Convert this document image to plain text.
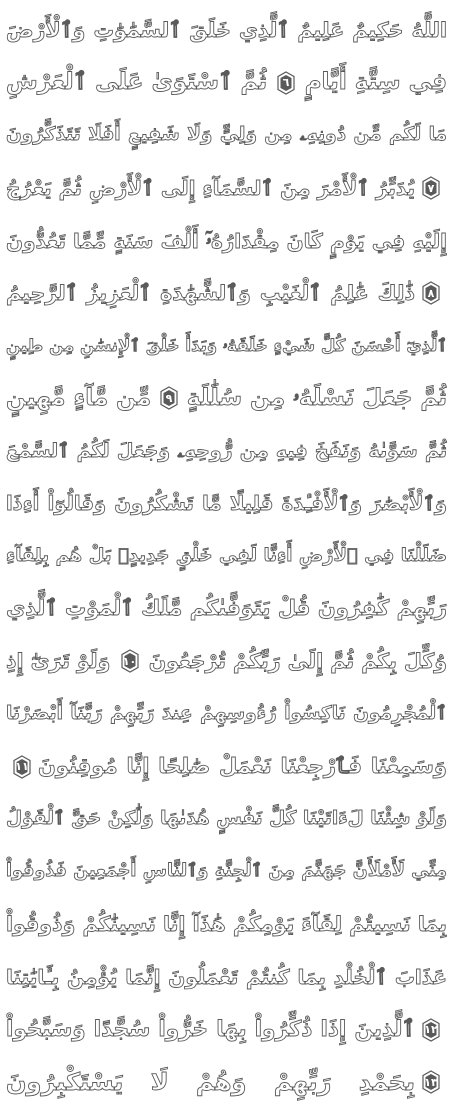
اللَّهُ حَكِيمٌ عَلِيمٌ ٱلَّذِي خَلَقَ ٱلسَّمَٰوَٰتِ وَٱلْأَرْضَ
فِي سِتَّةِ أَيَّامٍ
٦
ثُمَّ ٱسْتَوَىٰ عَلَى ٱلْعَرْشِ
مَا لَكُم مِّن دُونِهِۦ مِن وَلِيٍّ وَلَا شَفِيعٍ أَفَلَا تَتَذَكَّرُونَ
٧
يُدَبِّرُ ٱلْأَمْرَ مِنَ ٱلسَّمَآءِ إِلَى ٱلْأَرْضِ ثُمَّ يَعْرُجُ
إِلَيْهِ فِي يَوْمٍ كَانَ مِقْدَارُهُۥٓ أَلْفَ سَنَةٍ مِّمَّا تَعُدُّونَ
٨
ذَٰلِكَ عَٰلِمُ ٱلْغَيْبِ وَٱلشَّهَٰدَةِ ٱلْعَزِيزُ ٱلرَّحِيمُ
ٱلَّذِيٓ أَحْسَنَ كُلَّ شَيْءٍ خَلَقَهُۥ وَبَدَأَ خَلْقَ ٱلْإِنسَٰنِ مِن طِينٍ
ثُمَّ جَعَلَ نَسْلَهُۥ مِن سُلَٰلَةٍ
٩
مِّن مَّآءٍ مَّهِينٍ
ثُمَّ سَوَّىٰهُ وَنَفَخَ فِيهِ مِن رُّوحِهِۦ وَجَعَلَ لَكُمُ ٱلسَّمْعَ
وَٱلْأَبْصَٰرَ وَٱلْأَفْـِٔدَةَ قَلِيلًا مَّا تَشْكُرُونَ وَقَالُوٓاْ أَءِذَا
ضَلَلْنَا فِي ٱلْأَرْضِ أَءِنَّا لَفِي خَلْقٍ جَدِيدٍۢ بَلْ هُم بِلِقَآءِ
رَبِّهِمْ كَٰفِرُونَ قُلْ يَتَوَفَّىٰكُم مَّلَكُ ٱلْمَوْتِ ٱلَّذِي
وُكِّلَ بِكُمْ ثُمَّ إِلَىٰ رَبِّكُمْ تُرْجَعُونَ
١٠
وَلَوْ تَرَىٰٓ إِذِ
ٱلْمُجْرِمُونَ نَاكِسُواْ رُءُوسِهِمْ عِندَ رَبِّهِمْ رَبَّنَآ أَبْصَرْنَا
وَسَمِعْنَا فَٱرْجِعْنَا نَعْمَلْ صَٰلِحًا إِنَّا مُوقِنُونَ
١١
وَلَوْ شِئْنَا لَءَاتَيْنَا كُلَّ نَفْسٍ هُدَىٰهَا وَلَٰكِنْ حَقَّ ٱلْقَوْلُ
مِنِّي لَأَمْلَأَنَّ جَهَنَّمَ مِنَ ٱلْجِنَّةِ وَٱلنَّاسِ أَجْمَعِينَ فَذُوقُواْ
بِمَا نَسِيتُمْ لِقَآءَ يَوْمِكُمْ هَٰذَآ إِنَّا نَسِينَٰكُمْ وَذُوقُواْ
عَذَابَ ٱلْخُلْدِ بِمَا كُنتُمْ تَعْمَلُونَ إِنَّمَا يُؤْمِنُ بِـَٔايَٰتِنَا
١٢
ٱلَّذِينَ إِذَا ذُكِّرُواْ بِهَا خَرُّواْ سُجَّدًا وَسَبَّحُواْ
١٣
بِحَمْدِ رَبِّهِمْ وَهُمْ لَا يَسْتَكْبِرُونَ
